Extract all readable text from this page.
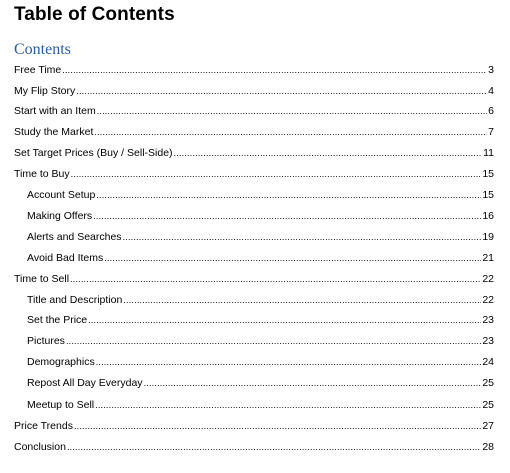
Table of Contents
Contents
Free Time .....	3
My Flip Story .....	4
Start with an Item .....	6
Study the Market .....	7
Set Target Prices (Buy / Sell-Side) .....	11
Time to Buy .....	15
Account Setup .....	15
Making Offers .....	16
Alerts and Searches .....	19
Avoid Bad Items .....	21
Time to Sell .....	22
Title and Description .....	22
Set the Price .....	23
Pictures .....	23
Demographics .....	24
Repost All Day Everyday .....	25
Meetup to Sell .....	25
Price Trends .....	27
Conclusion .....	28
